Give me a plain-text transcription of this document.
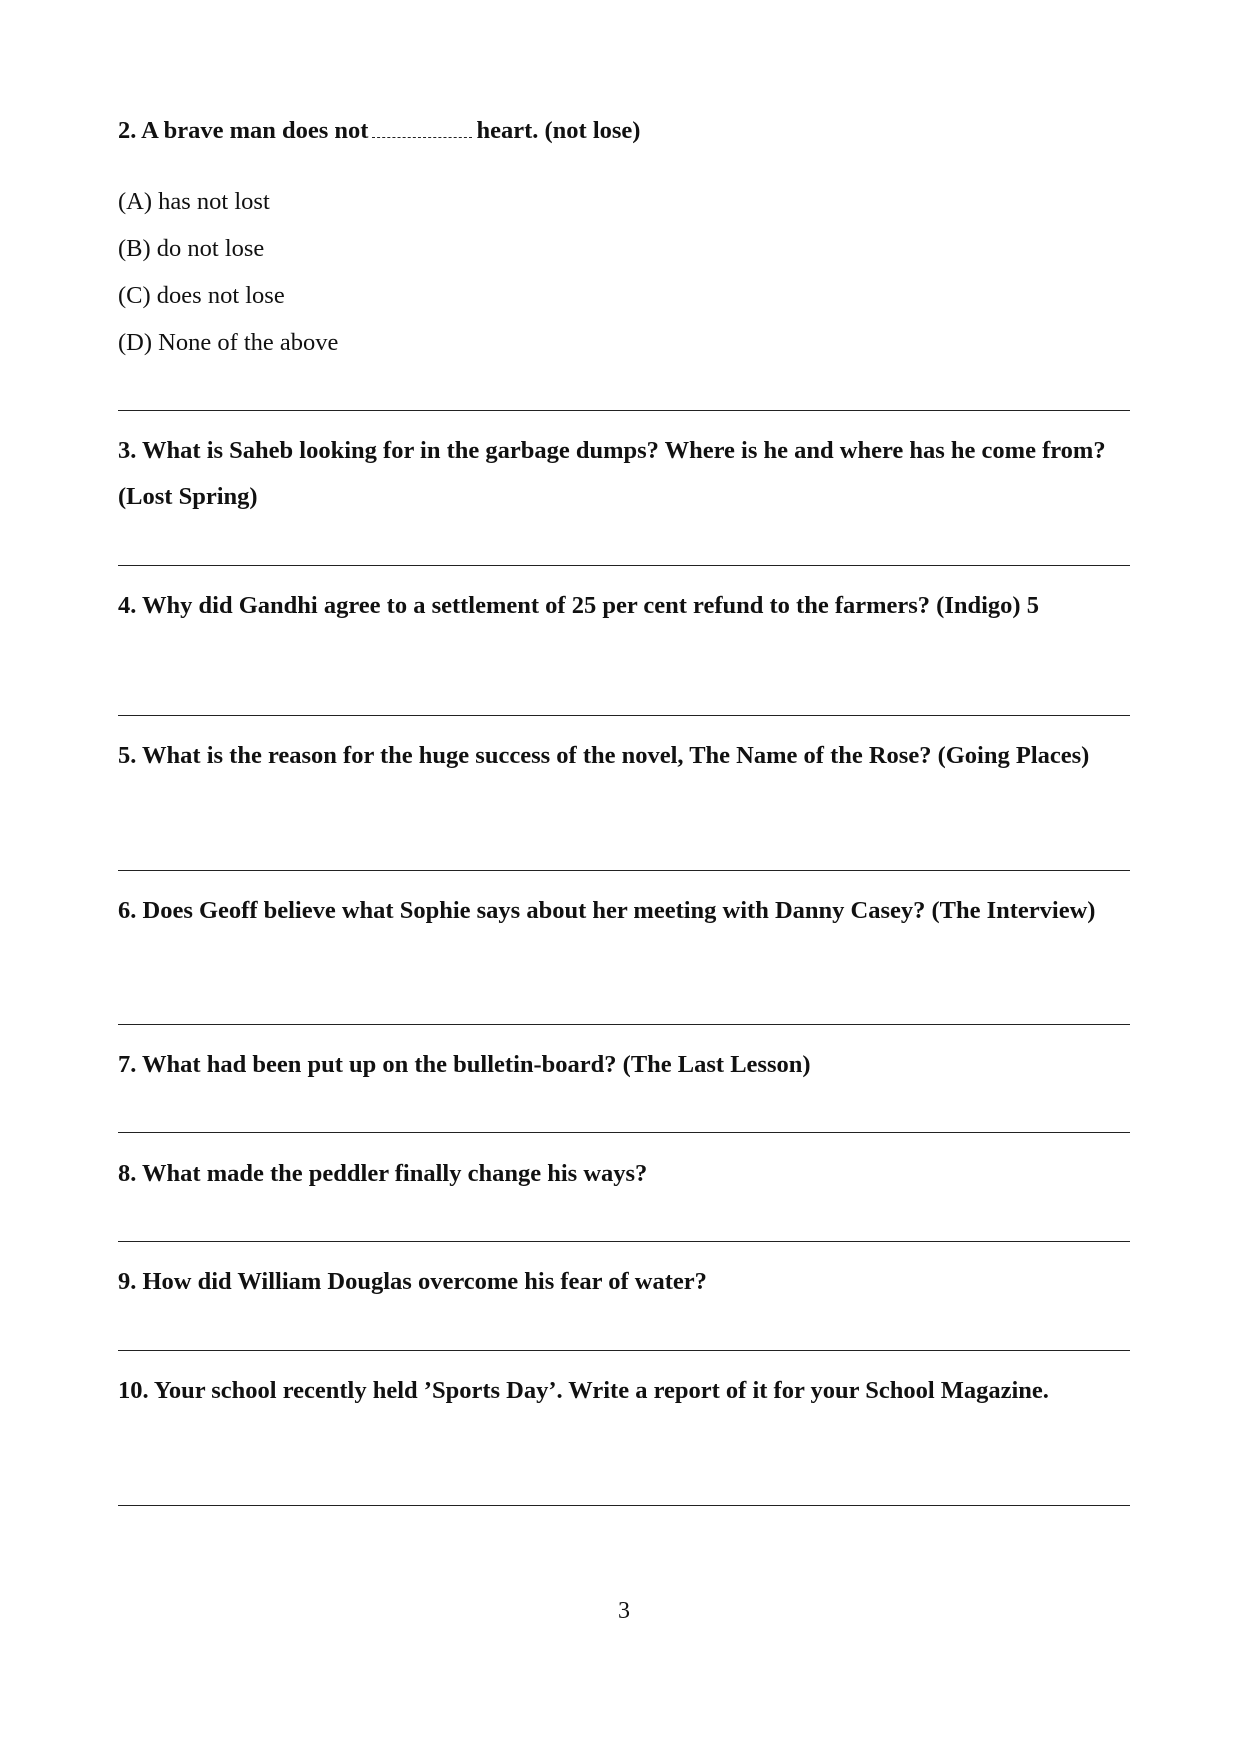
2. A brave man does not	heart. (not lose)
(A) has not lost
(B) do not lose
(C) does not lose
(D) None of the above
3. What is Saheb looking for in the garbage dumps? Where is he and where has he come from? (Lost Spring)
4. Why did Gandhi agree to a settlement of 25 per cent refund to the farmers? (Indigo) 5
5. What is the reason for the huge success of the novel, The Name of the Rose? (Going Places)
6. Does Geoff believe what Sophie says about her meeting with Danny Casey? (The Interview)
7. What had been put up on the bulletin-board? (The Last Lesson)
8. What made the peddler finally change his ways?
9. How did William Douglas overcome his fear of water?
10. Your school recently held ’Sports Day’. Write a report of it for your School Magazine.
3
